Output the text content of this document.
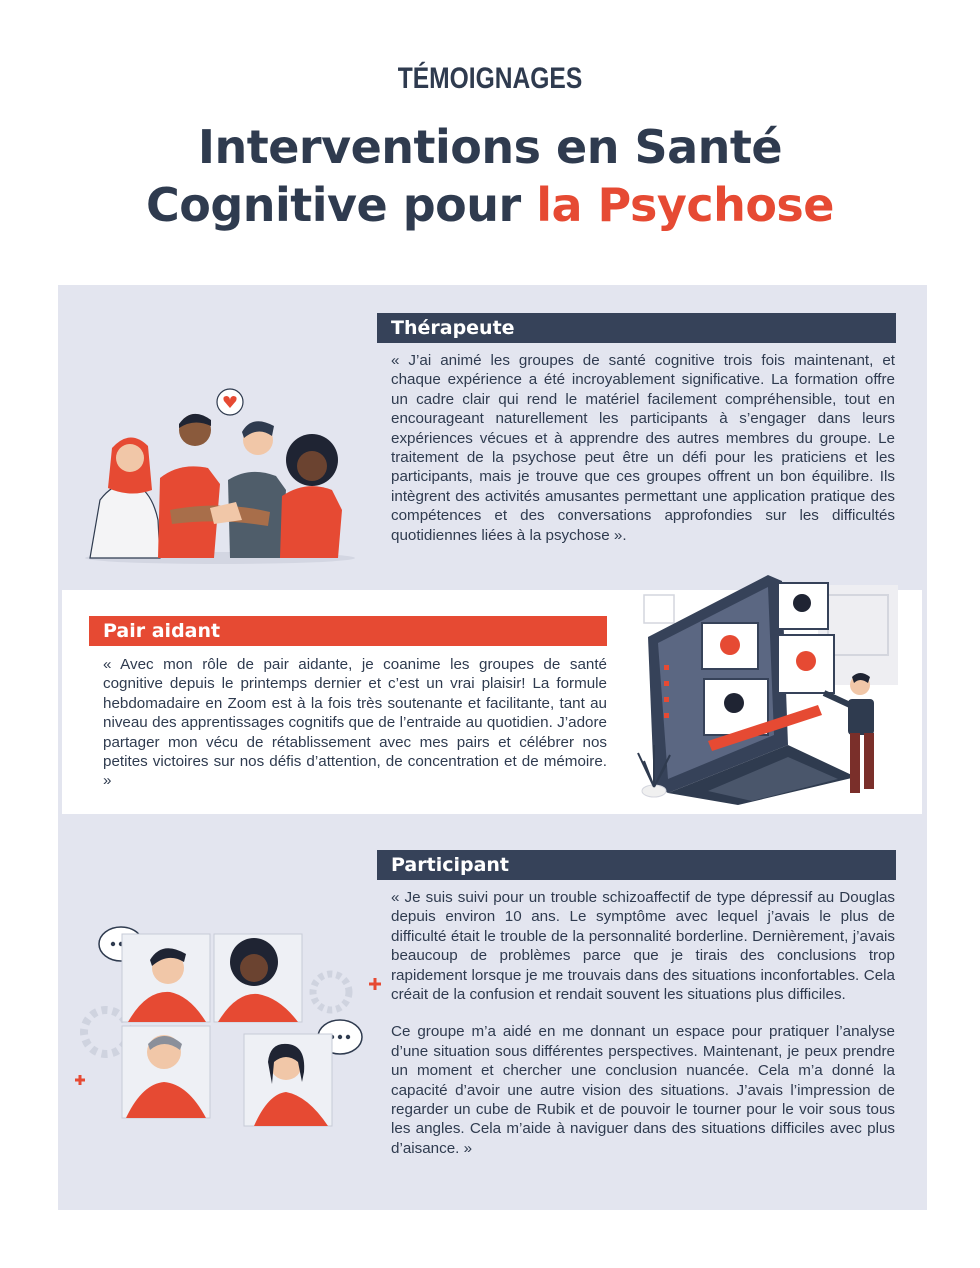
TÉMOIGNAGES
Interventions en Santé
Cognitive pour la Psychose
Thérapeute
« J’ai animé les groupes de santé cognitive trois fois maintenant, et chaque expérience a été incroyablement significative. La formation offre un cadre clair qui rend le matériel facilement compréhensible, tout en encourageant naturellement les participants à s’engager dans leurs expériences vécues et à apprendre des autres membres du groupe. Le traitement de la psychose peut être un défi pour les praticiens et les participants, mais je trouve que ces groupes offrent un bon équilibre. Ils intègrent des activités amusantes permettant une application pratique des compétences et des conversations approfondies sur les difficultés quotidiennes liées à la psychose ».
Pair aidant
« Avec mon rôle de pair aidante, je coanime les groupes de santé cognitive depuis le printemps dernier et c’est un vrai plaisir! La formule hebdomadaire en Zoom est à la fois très soutenante et facilitante, tant au niveau des apprentissages cognitifs que de l’entraide au quotidien. J’adore partager mon vécu de rétablissement avec mes pairs et célébrer nos petites victoires sur nos défis d’attention, de concentration et de mémoire. »
Participant

« Je suis suivi pour un trouble schizoaffectif de type dépressif au Douglas depuis environ 10 ans. Le symptôme avec lequel j’avais le plus de difficulté était le trouble de la personnalité borderline. Dernièrement, j’avais beaucoup de problèmes parce que je tirais des conclusions trop rapidement lorsque je me trouvais dans des situations inconfortables. Cela créait de la confusion et rendait souvent les situations plus difficiles.

Ce groupe m’a aidé en me donnant un espace pour pratiquer l’analyse d’une situation sous différentes perspectives. Maintenant, je peux prendre un moment et chercher une conclusion nuancée. Cela m’a donné la capacité d’avoir une autre vision des situations. J’avais l’impression de regarder un cube de Rubik et de pouvoir le tourner pour le voir sous tous les angles. Cela m’aide à naviguer dans des situations difficiles avec plus d’aisance. »
